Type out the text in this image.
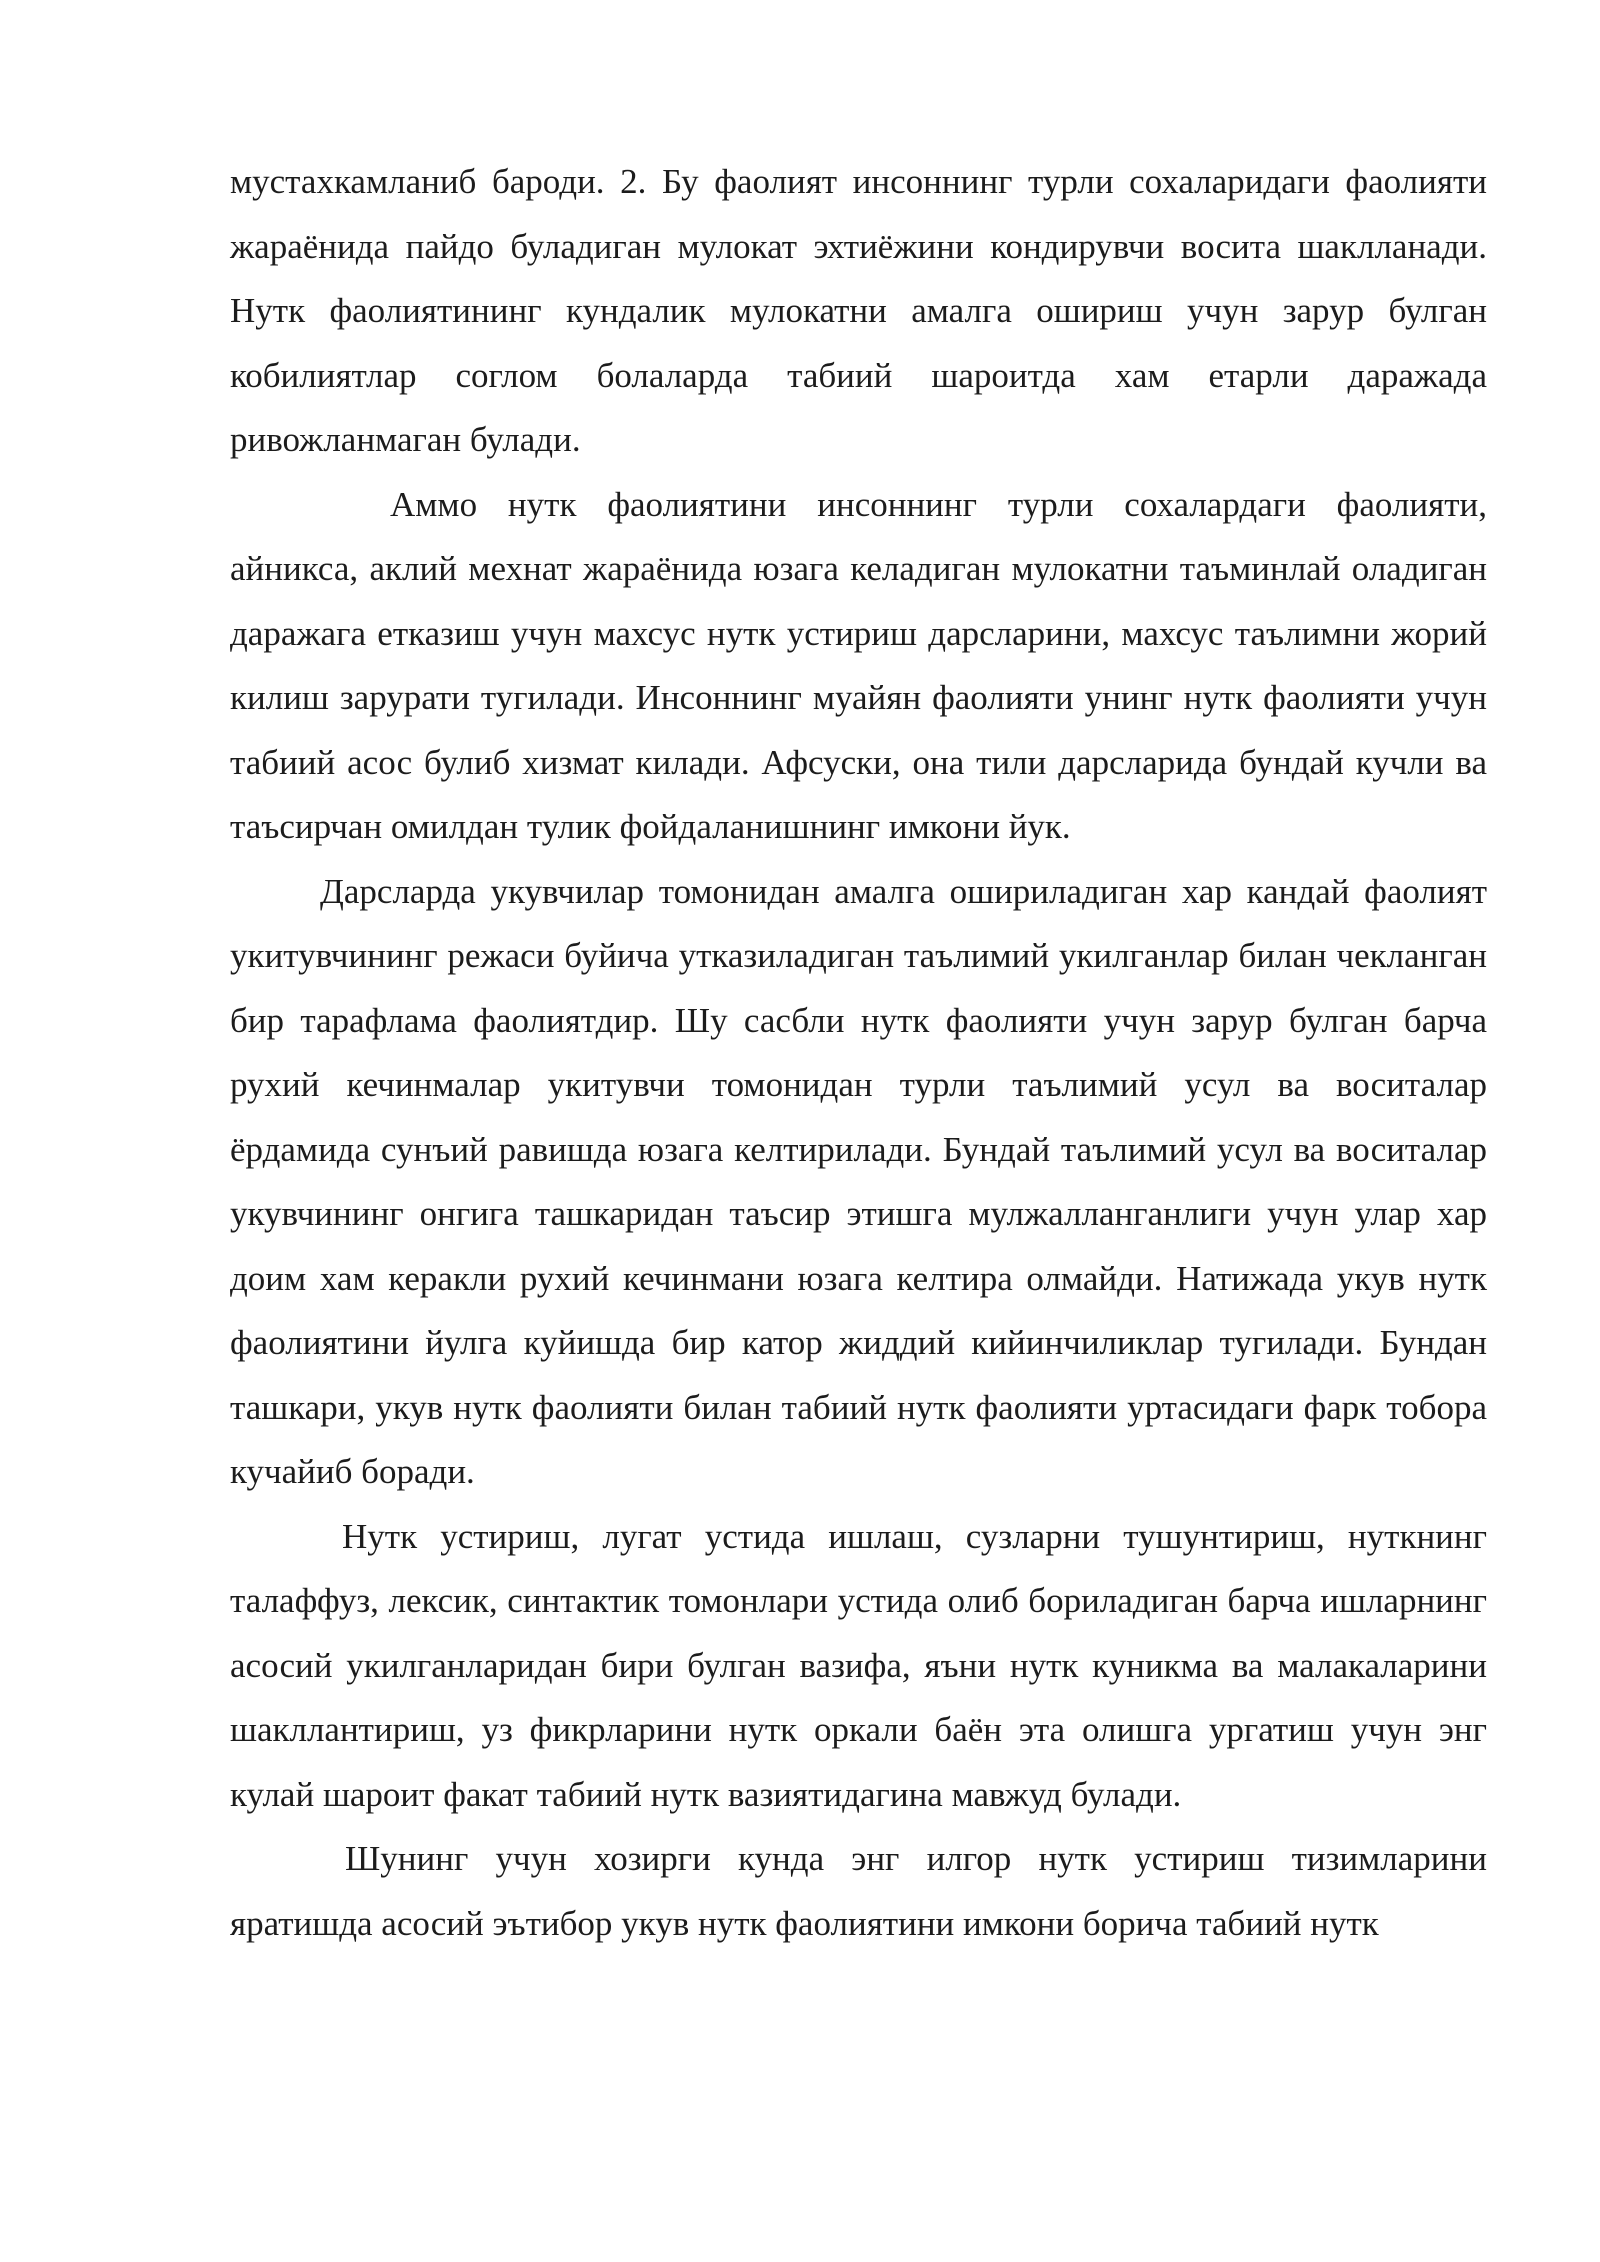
мустахкамланиб бароди. 2. Бу фаолият инсоннинг турли сохаларидаги фаолияти жараёнида пайдо буладиган мулокат эхтиёжини кондирувчи восита шаклланади. Нутк фаолиятининг кундалик мулокатни амалга ошириш учун зарур булган кобилиятлар соглом болаларда табиий шароитда хам етарли даражада ривожланмаган булади.

Аммо нутк фаолиятини инсоннинг турли сохалардаги фаолияти, айникса, аклий мехнат жараёнида юзага келадиган мулокатни таъминлай оладиган даражага етказиш учун махсус нутк устириш дарсларини, махсус таълимни жорий килиш зарурати тугилади. Инсоннинг муайян фаолияти унинг нутк фаолияти учун табиий асос булиб хизмат килади. Афсуски, она тили дарсларида бундай кучли ва таъсирчан омилдан тулик фойдаланишнинг имкони йук.

Дарсларда укувчилар томонидан амалга ошириладиган хар кандай фаолият укитувчининг режаси буйича утказиладиган таълимий укилганлар билан чекланган бир тарафлама фаолиятдир. Шу сасбли нутк фаолияти учун зарур булган барча рухий кечинмалар укитувчи томонидан турли таълимий усул ва воситалар ёрдамида сунъий равишда юзага келтирилади. Бундай таълимий усул ва воситалар укувчининг онгига ташкаридан таъсир этишга мулжалланганлиги учун улар хар доим хам керакли рухий кечинмани юзага келтира олмайди. Натижада укув нутк фаолиятини йулга куйишда бир катор жиддий кийинчиликлар тугилади. Бундан ташкари, укув нутк фаолияти билан табиий нутк фаолияти уртасидаги фарк тобора кучайиб боради.

Нутк устириш, лугат устида ишлаш, сузларни тушунтириш, нуткнинг талаффуз, лексик, синтактик томонлари устида олиб бориладиган барча ишларнинг асосий укилганларидан бири булган вазифа, яъни нутк куникма ва малакаларини шакллантириш, уз фикрларини нутк оркали баён эта олишга ургатиш учун энг кулай шароит факат табиий нутк вазиятидагина мавжуд булади.

Шунинг учун хозирги кунда энг илгор нутк устириш тизимларини яратишда асосий эътибор укув нутк фаолиятини имкони борича табиий нутк
